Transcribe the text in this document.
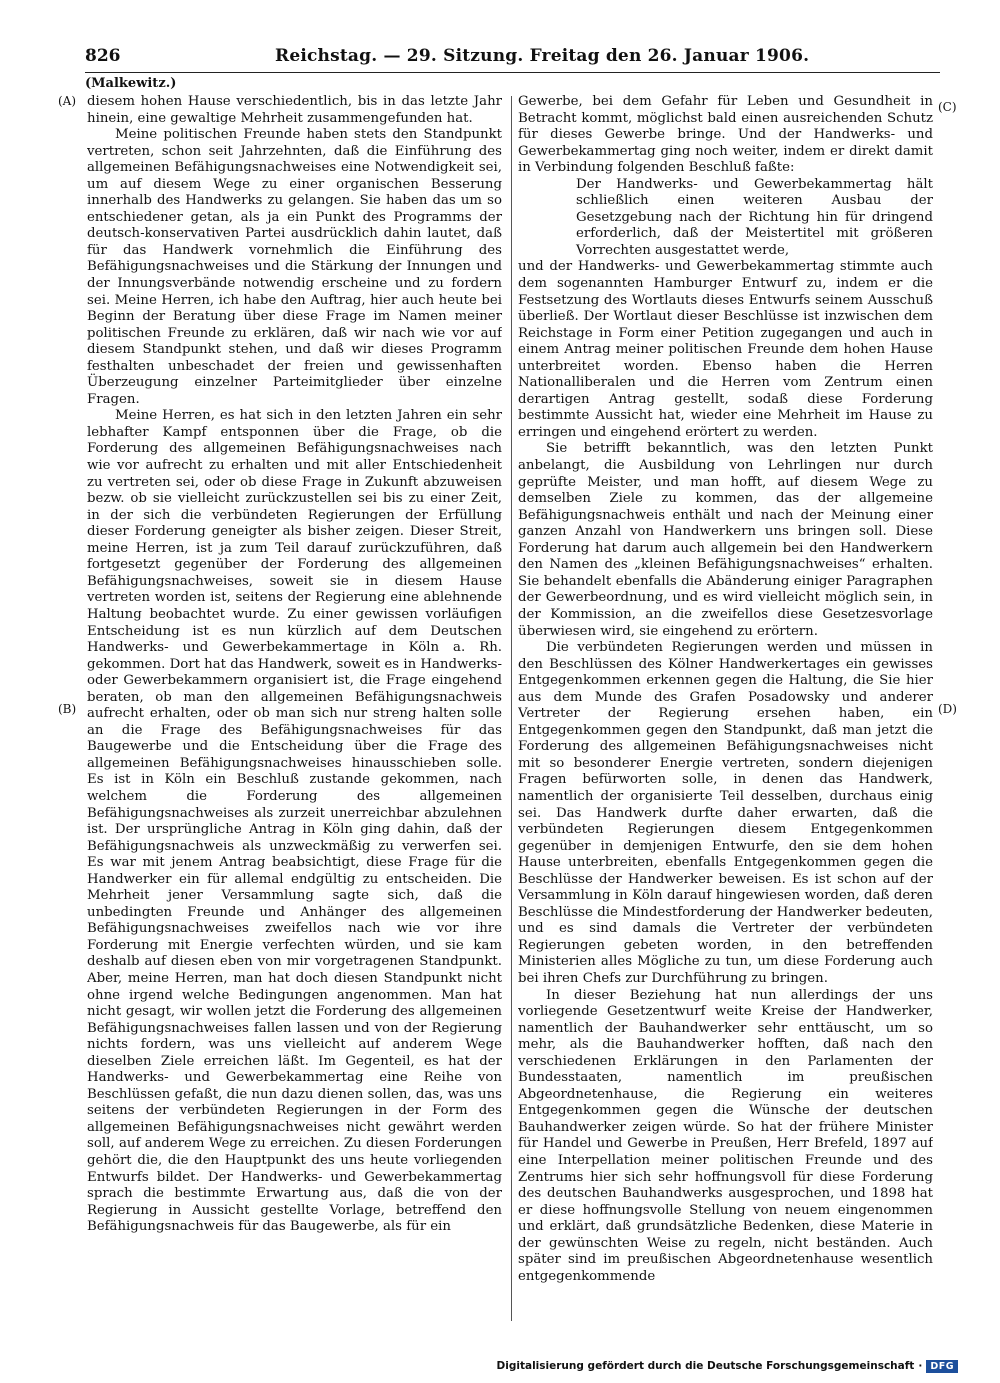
826	Reichstag. — 29. Sitzung. Freitag den 26. Januar 1906.
(Malkewitz.)
(A)
(B)
(C)
(D)

diesem hohen Hause verschiedentlich, bis in das letzte Jahr hinein, eine gewaltige Mehrheit zusammengefunden hat.

Meine politischen Freunde haben stets den Standpunkt vertreten, schon seit Jahrzehnten, daß die Einführung des allgemeinen Befähigungsnachweises eine Notwendigkeit sei, um auf diesem Wege zu einer organischen Besserung innerhalb des Handwerks zu gelangen. Sie haben das um so entschiedener getan, als ja ein Punkt des Programms der deutsch-konservativen Partei ausdrücklich dahin lautet, daß für das Handwerk vornehmlich die Einführung des Befähigungsnachweises und die Stärkung der Innungen und der Innungsverbände notwendig erscheine und zu fordern sei. Meine Herren, ich habe den Auftrag, hier auch heute bei Beginn der Beratung über diese Frage im Namen meiner politischen Freunde zu erklären, daß wir nach wie vor auf diesem Standpunkt stehen, und daß wir dieses Programm festhalten unbeschadet der freien und gewissenhaften Überzeugung einzelner Parteimitglieder über einzelne Fragen.

Meine Herren, es hat sich in den letzten Jahren ein sehr lebhafter Kampf entsponnen über die Frage, ob die Forderung des allgemeinen Befähigungsnachweises nach wie vor aufrecht zu erhalten und mit aller Entschiedenheit zu vertreten sei, oder ob diese Frage in Zukunft abzuweisen bezw. ob sie vielleicht zurückzustellen sei bis zu einer Zeit, in der sich die verbündeten Regierungen der Erfüllung dieser Forderung geneigter als bisher zeigen. Dieser Streit, meine Herren, ist ja zum Teil darauf zurückzuführen, daß fortgesetzt gegenüber der Forderung des allgemeinen Befähigungsnachweises, soweit sie in diesem Hause vertreten worden ist, seitens der Regierung eine ablehnende Haltung beobachtet wurde. Zu einer gewissen vorläufigen Entscheidung ist es nun kürzlich auf dem Deutschen Handwerks- und Gewerbekammertage in Köln a. Rh. gekommen. Dort hat das Handwerk, soweit es in Handwerks- oder Gewerbekammern organisiert ist, die Frage eingehend beraten, ob man den allgemeinen Befähigungsnachweis aufrecht erhalten, oder ob man sich nur streng halten solle an die Frage des Befähigungsnachweises für das Baugewerbe und die Entscheidung über die Frage des allgemeinen Befähigungsnachweises hinausschieben solle. Es ist in Köln ein Beschluß zustande gekommen, nach welchem die Forderung des allgemeinen Befähigungsnachweises als zurzeit unerreichbar abzulehnen ist. Der ursprüngliche Antrag in Köln ging dahin, daß der Befähigungsnachweis als unzweckmäßig zu verwerfen sei. Es war mit jenem Antrag beabsichtigt, diese Frage für die Handwerker ein für allemal endgültig zu entscheiden. Die Mehrheit jener Versammlung sagte sich, daß die unbedingten Freunde und Anhänger des allgemeinen Befähigungsnachweises zweifellos nach wie vor ihre Forderung mit Energie verfechten würden, und sie kam deshalb auf diesen eben von mir vorgetragenen Standpunkt. Aber, meine Herren, man hat doch diesen Standpunkt nicht ohne irgend welche Bedingungen angenommen. Man hat nicht gesagt, wir wollen jetzt die Forderung des allgemeinen Befähigungsnachweises fallen lassen und von der Regierung nichts fordern, was uns vielleicht auf anderem Wege dieselben Ziele erreichen läßt. Im Gegenteil, es hat der Handwerks- und Gewerbekammertag eine Reihe von Beschlüssen gefaßt, die nun dazu dienen sollen, das, was uns seitens der verbündeten Regierungen in der Form des allgemeinen Befähigungsnachweises nicht gewährt werden soll, auf anderem Wege zu erreichen. Zu diesen Forderungen gehört die, die den Hauptpunkt des uns heute vorliegenden Entwurfs bildet. Der Handwerks- und Gewerbekammertag sprach die bestimmte Erwartung aus, daß die von der Regierung in Aussicht gestellte Vorlage, betreffend den Befähigungsnachweis für das Baugewerbe, als für ein

Gewerbe, bei dem Gefahr für Leben und Gesundheit in Betracht kommt, möglichst bald einen ausreichenden Schutz für dieses Gewerbe bringe. Und der Handwerks- und Gewerbekammertag ging noch weiter, indem er direkt damit in Verbindung folgenden Beschluß faßte:

Der Handwerks- und Gewerbekammertag hält schließlich einen weiteren Ausbau der Gesetzgebung nach der Richtung hin für dringend erforderlich, daß der Meistertitel mit größeren Vorrechten ausgestattet werde,

und der Handwerks- und Gewerbekammertag stimmte auch dem sogenannten Hamburger Entwurf zu, indem er die Festsetzung des Wortlauts dieses Entwurfs seinem Ausschuß überließ. Der Wortlaut dieser Beschlüsse ist inzwischen dem Reichstage in Form einer Petition zugegangen und auch in einem Antrag meiner politischen Freunde dem hohen Hause unterbreitet worden. Ebenso haben die Herren Nationalliberalen und die Herren vom Zentrum einen derartigen Antrag gestellt, sodaß diese Forderung bestimmte Aussicht hat, wieder eine Mehrheit im Hause zu erringen und eingehend erörtert zu werden.

Sie betrifft bekanntlich, was den letzten Punkt anbelangt, die Ausbildung von Lehrlingen nur durch geprüfte Meister, und man hofft, auf diesem Wege zu demselben Ziele zu kommen, das der allgemeine Befähigungsnachweis enthält und nach der Meinung einer ganzen Anzahl von Handwerkern uns bringen soll. Diese Forderung hat darum auch allgemein bei den Handwerkern den Namen des „kleinen Befähigungsnachweises“ erhalten. Sie behandelt ebenfalls die Abänderung einiger Paragraphen der Gewerbeordnung, und es wird vielleicht möglich sein, in der Kommission, an die zweifellos diese Gesetzesvorlage überwiesen wird, sie eingehend zu erörtern.

Die verbündeten Regierungen werden und müssen in den Beschlüssen des Kölner Handwerkertages ein gewisses Entgegenkommen erkennen gegen die Haltung, die Sie hier aus dem Munde des Grafen Posadowsky und anderer Vertreter der Regierung ersehen haben, ein Entgegenkommen gegen den Standpunkt, daß man jetzt die Forderung des allgemeinen Befähigungsnachweises nicht mit so besonderer Energie vertreten, sondern diejenigen Fragen befürworten solle, in denen das Handwerk, namentlich der organisierte Teil desselben, durchaus einig sei. Das Handwerk durfte daher erwarten, daß die verbündeten Regierungen diesem Entgegenkommen gegenüber in demjenigen Entwurfe, den sie dem hohen Hause unterbreiten, ebenfalls Entgegenkommen gegen die Beschlüsse der Handwerker beweisen. Es ist schon auf der Versammlung in Köln darauf hingewiesen worden, daß deren Beschlüsse die Mindestforderung der Handwerker bedeuten, und es sind damals die Vertreter der verbündeten Regierungen gebeten worden, in den betreffenden Ministerien alles Mögliche zu tun, um diese Forderung auch bei ihren Chefs zur Durchführung zu bringen.

In dieser Beziehung hat nun allerdings der uns vorliegende Gesetzentwurf weite Kreise der Handwerker, namentlich der Bauhandwerker sehr enttäuscht, um so mehr, als die Bauhandwerker hofften, daß nach den verschiedenen Erklärungen in den Parlamenten der Bundesstaaten, namentlich im preußischen Abgeordnetenhause, die Regierung ein weiteres Entgegenkommen gegen die Wünsche der deutschen Bauhandwerker zeigen würde. So hat der frühere Minister für Handel und Gewerbe in Preußen, Herr Brefeld, 1897 auf eine Interpellation meiner politischen Freunde und des Zentrums hier sich sehr hoffnungsvoll für diese Forderung des deutschen Bauhandwerks ausgesprochen, und 1898 hat er diese hoffnungsvolle Stellung von neuem eingenommen und erklärt, daß grundsätzliche Bedenken, diese Materie in der gewünschten Weise zu regeln, nicht beständen. Auch später sind im preußischen Abgeordnetenhause wesentlich entgegenkommende

Digitalisierung gefördert durch die Deutsche Forschungsgemeinschaft · DFG
